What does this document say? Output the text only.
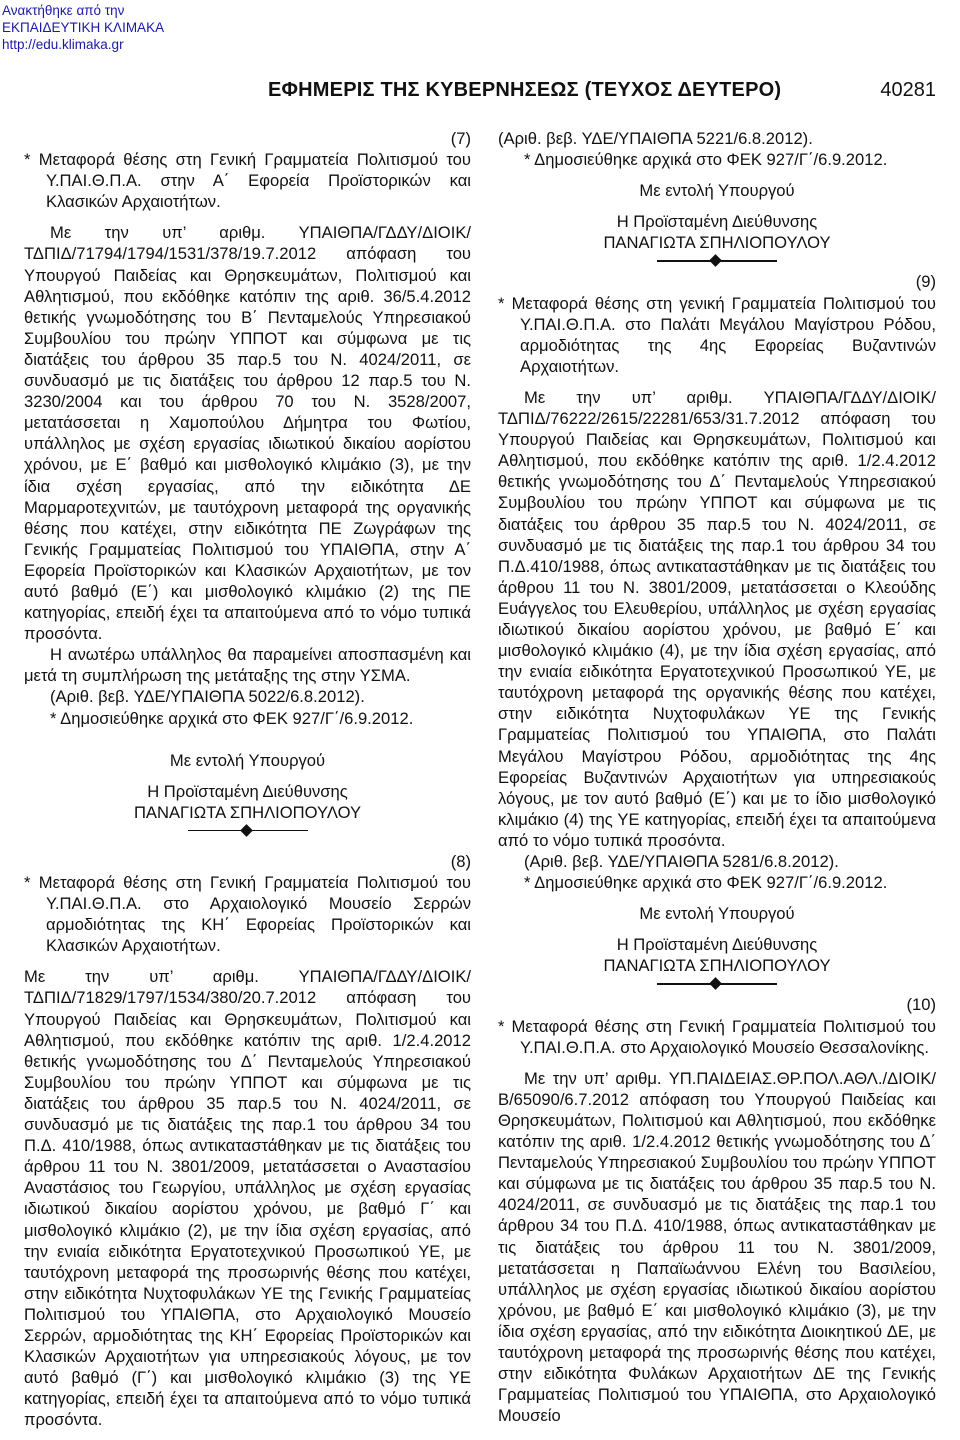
Ανακτήθηκε από την
ΕΚΠΑΙΔΕΥΤΙΚΗ ΚΛΙΜΑΚΑ
http://edu.klimaka.gr
ΕΦΗΜΕΡΙΣ ΤΗΣ ΚΥΒΕΡΝΗΣΕΩΣ (ΤΕΥΧΟΣ ΔΕΥΤΕΡΟ)	40281

(7)

* Μεταφορά θέσης στη Γενική Γραμματεία Πολιτισμού του Υ.ΠΑΙ.Θ.Π.Α. στην Α΄ Εφορεία Προϊστορικών και Κλασικών Αρχαιοτήτων.

Με την υπ’ αριθμ. ΥΠΑΙΘΠΑ/ΓΔΔΥ/ΔΙΟΙΚ/ΤΔΠΙΔ/71794/1794/1531/378/19.7.2012 απόφαση του Υπουργού Παιδείας και Θρησκευμάτων, Πολιτισμού και Αθλητισμού, που εκδόθηκε κατόπιν της αριθ. 36/5.4.2012 θετικής γνωμοδότησης του Β΄ Πενταμελούς Υπηρεσιακού Συμβουλίου του πρώην ΥΠΠΟΤ και σύμφωνα με τις διατάξεις του άρθρου 35 παρ.5 του Ν. 4024/2011, σε συνδυασμό με τις διατάξεις του άρθρου 12 παρ.5 του Ν. 3230/2004 και του άρθρου 70 του Ν. 3528/2007, μετατάσσεται η Χαμοπούλου Δήμητρα του Φωτίου, υπάλληλος με σχέση εργασίας ιδιωτικού δικαίου αορίστου χρόνου, με Ε΄ βαθμό και μισθολογικό κλιμάκιο (3), με την ίδια σχέση εργασίας, από την ειδικότητα ΔΕ Μαρμαροτεχνιτών, με ταυτόχρονη μεταφορά της οργανικής θέσης που κατέχει, στην ειδικότητα ΠΕ Ζωγράφων της Γενικής Γραμματείας Πολιτισμού του ΥΠΑΙΘΠΑ, στην Α΄ Εφορεία Προϊστορικών και Κλασικών Αρχαιοτήτων, με τον αυτό βαθμό (Ε΄) και μισθολογικό κλιμάκιο (2) της ΠΕ κατηγορίας, επειδή έχει τα απαιτούμενα από το νόμο τυπικά προσόντα.

Η ανωτέρω υπάλληλος θα παραμείνει αποσπασμένη και μετά τη συμπλήρωση της μετάταξης της στην ΥΣΜΑ.

(Αριθ. βεβ. ΥΔΕ/ΥΠΑΙΘΠΑ 5022/6.8.2012).

* Δημοσιεύθηκε αρχικά στο ΦΕΚ 927/Γ΄/6.9.2012.

Με εντολή Υπουργού

Η Προϊσταμένη Διεύθυνσης

ΠΑΝΑΓΙΩΤΑ ΣΠΗΛΙΟΠΟΥΛΟΥ

(8)

* Μεταφορά θέσης στη Γενική Γραμματεία Πολιτισμού του Υ.ΠΑΙ.Θ.Π.Α. στο Αρχαιολογικό Μουσείο Σερρών αρμοδιότητας της ΚΗ΄ Εφορείας Προϊστορικών και Κλασικών Αρχαιοτήτων.

Με την υπ’ αριθμ. ΥΠΑΙΘΠΑ/ΓΔΔΥ/ΔΙΟΙΚ/ΤΔΠΙΔ/71829/1797/1534/380/20.7.2012 απόφαση του Υπουργού Παιδείας και Θρησκευμάτων, Πολιτισμού και Αθλητισμού, που εκδόθηκε κατόπιν της αριθ. 1/2.4.2012 θετικής γνωμοδότησης του Δ΄ Πενταμελούς Υπηρεσιακού Συμβουλίου του πρώην ΥΠΠΟΤ και σύμφωνα με τις διατάξεις του άρθρου 35 παρ.5 του Ν. 4024/2011, σε συνδυασμό με τις διατάξεις της παρ.1 του άρθρου 34 του Π.Δ. 410/1988, όπως αντικαταστάθηκαν με τις διατάξεις του άρθρου 11 του Ν. 3801/2009, μετατάσσεται ο Αναστασίου Αναστάσιος του Γεωργίου, υπάλληλος με σχέση εργασίας ιδιωτικού δικαίου αορίστου χρόνου, με βαθμό Γ΄ και μισθολογικό κλιμάκιο (2), με την ίδια σχέση εργασίας, από την ενιαία ειδικότητα Εργατοτεχνικού Προσωπικού ΥΕ, με ταυτόχρονη μεταφορά της προσωρινής θέσης που κατέχει, στην ειδικότητα Νυχτοφυλάκων ΥΕ της Γενικής Γραμματείας Πολιτισμού του ΥΠΑΙΘΠΑ, στο Αρχαιολογικό Μουσείο Σερρών, αρμοδιότητας της ΚΗ΄ Εφορείας Προϊστορικών και Κλασικών Αρχαιοτήτων για υπηρεσιακούς λόγους, με τον αυτό βαθμό (Γ΄) και μισθολογικό κλιμάκιο (3) της ΥΕ κατηγορίας, επειδή έχει τα απαιτούμενα από το νόμο τυπικά προσόντα.

(Αριθ. βεβ. ΥΔΕ/ΥΠΑΙΘΠΑ 5221/6.8.2012).

* Δημοσιεύθηκε αρχικά στο ΦΕΚ 927/Γ΄/6.9.2012.

Με εντολή Υπουργού

Η Προϊσταμένη Διεύθυνσης

ΠΑΝΑΓΙΩΤΑ ΣΠΗΛΙΟΠΟΥΛΟΥ

(9)

* Μεταφορά θέσης στη γενική Γραμματεία Πολιτισμού του Υ.ΠΑΙ.Θ.Π.Α. στο Παλάτι Μεγάλου Μαγίστρου Ρόδου, αρμοδιότητας της 4ης Εφορείας Βυζαντινών Αρχαιοτήτων.

Με την υπ’ αριθμ. ΥΠΑΙΘΠΑ/ΓΔΔΥ/ΔΙΟΙΚ/ΤΔΠΙΔ/76222/2615/22281/653/31.7.2012 απόφαση του Υπουργού Παιδείας και Θρησκευμάτων, Πολιτισμού και Αθλητισμού, που εκδόθηκε κατόπιν της αριθ. 1/2.4.2012 θετικής γνωμοδότησης του Δ΄ Πενταμελούς Υπηρεσιακού Συμβουλίου του πρώην ΥΠΠΟΤ και σύμφωνα με τις διατάξεις του άρθρου 35 παρ.5 του Ν. 4024/2011, σε συνδυασμό με τις διατάξεις της παρ.1 του άρθρου 34 του Π.Δ.410/1988, όπως αντικαταστάθηκαν με τις διατάξεις του άρθρου 11 του Ν. 3801/2009, μετατάσσεται ο Κλεούδης Ευάγγελος του Ελευθερίου, υπάλληλος με σχέση εργασίας ιδιωτικού δικαίου αορίστου χρόνου, με βαθμό Ε΄ και μισθολογικό κλιμάκιο (4), με την ίδια σχέση εργασίας, από την ενιαία ειδικότητα Εργατοτεχνικού Προσωπικού ΥΕ, με ταυτόχρονη μεταφορά της οργανικής θέσης που κατέχει, στην ειδικότητα Νυχτοφυλάκων ΥΕ της Γενικής Γραμματείας Πολιτισμού του ΥΠΑΙΘΠΑ, στο Παλάτι Μεγάλου Μαγίστρου Ρόδου, αρμοδιότητας της 4ης Εφορείας Βυζαντινών Αρχαιοτήτων για υπηρεσιακούς λόγους, με τον αυτό βαθμό (Ε΄) και με το ίδιο μισθολογικό κλιμάκιο (4) της ΥΕ κατηγορίας, επειδή έχει τα απαιτούμενα από το νόμο τυπικά προσόντα.

(Αριθ. βεβ. ΥΔΕ/ΥΠΑΙΘΠΑ 5281/6.8.2012).

* Δημοσιεύθηκε αρχικά στο ΦΕΚ 927/Γ΄/6.9.2012.

Με εντολή Υπουργού

Η Προϊσταμένη Διεύθυνσης

ΠΑΝΑΓΙΩΤΑ ΣΠΗΛΙΟΠΟΥΛΟΥ

(10)

* Μεταφορά θέσης στη Γενική Γραμματεία Πολιτισμού του Υ.ΠΑΙ.Θ.Π.Α. στο Αρχαιολογικό Μουσείο Θεσσαλονίκης.

Με την υπ’ αριθμ. ΥΠ.ΠΑΙΔΕΙΑΣ.ΘΡ.ΠΟΛ.ΑΘΛ./ΔΙΟΙΚ/Β/65090/6.7.2012 απόφαση του Υπουργού Παιδείας και Θρησκευμάτων, Πολιτισμού και Αθλητισμού, που εκδόθηκε κατόπιν της αριθ. 1/2.4.2012 θετικής γνωμοδότησης του Δ΄ Πενταμελούς Υπηρεσιακού Συμβουλίου του πρώην ΥΠΠΟΤ και σύμφωνα με τις διατάξεις του άρθρου 35 παρ.5 του Ν. 4024/2011, σε συνδυασμό με τις διατάξεις της παρ.1 του άρθρου 34 του Π.Δ. 410/1988, όπως αντικαταστάθηκαν με τις διατάξεις του άρθρου 11 του Ν. 3801/2009, μετατάσσεται η Παπαϊωάννου Ελένη του Βασιλείου, υπάλληλος με σχέση εργασίας ιδιωτικού δικαίου αορίστου χρόνου, με βαθμό Ε΄ και μισθολογικό κλιμάκιο (3), με την ίδια σχέση εργασίας, από την ειδικότητα Διοικητικού ΔΕ, με ταυτόχρονη μεταφορά της προσωρινής θέσης που κατέχει, στην ειδικότητα Φυλάκων Αρχαιοτήτων ΔΕ της Γενικής Γραμματείας Πολιτισμού του ΥΠΑΙΘΠΑ, στο Αρχαιολογικό Μουσείο
